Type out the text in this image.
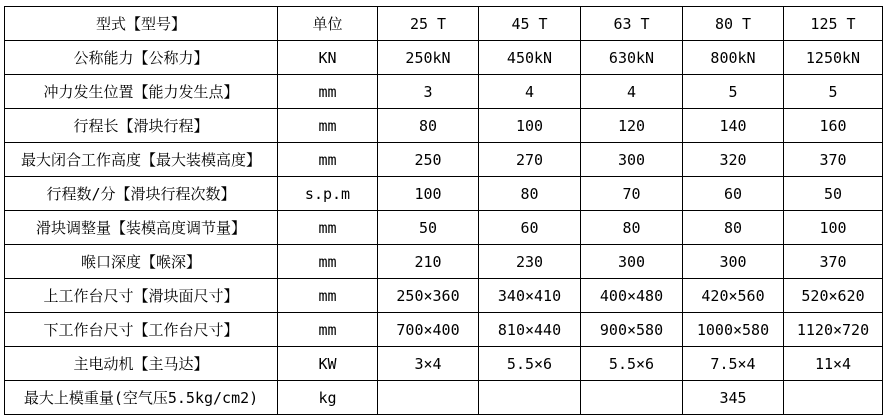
型式【型号】	单位	25 T	45 T	63 T	80 T	125 T
公称能力【公称力】	KN	250kN	450kN	630kN	800kN	1250kN
冲力发生位置【能力发生点】	mm	3	4	4	5	5
行程长【滑块行程】	mm	80	100	120	140	160
最大闭合工作高度【最大装模高度】	mm	250	270	300	320	370
行程数/分【滑块行程次数】	s.p.m	100	80	70	60	50
滑块调整量【装模高度调节量】	mm	50	60	80	80	100
喉口深度【喉深】	mm	210	230	300	300	370
上工作台尺寸【滑块面尺寸】	mm	250×360	340×410	400×480	420×560	520×620
下工作台尺寸【工作台尺寸】	mm	700×400	810×440	900×580	1000×580	1120×720
主电动机【主马达】	KW	3×4	5.5×6	5.5×6	7.5×4	11×4
最大上模重量(空气压5.5kg/cm2)	kg				345	
